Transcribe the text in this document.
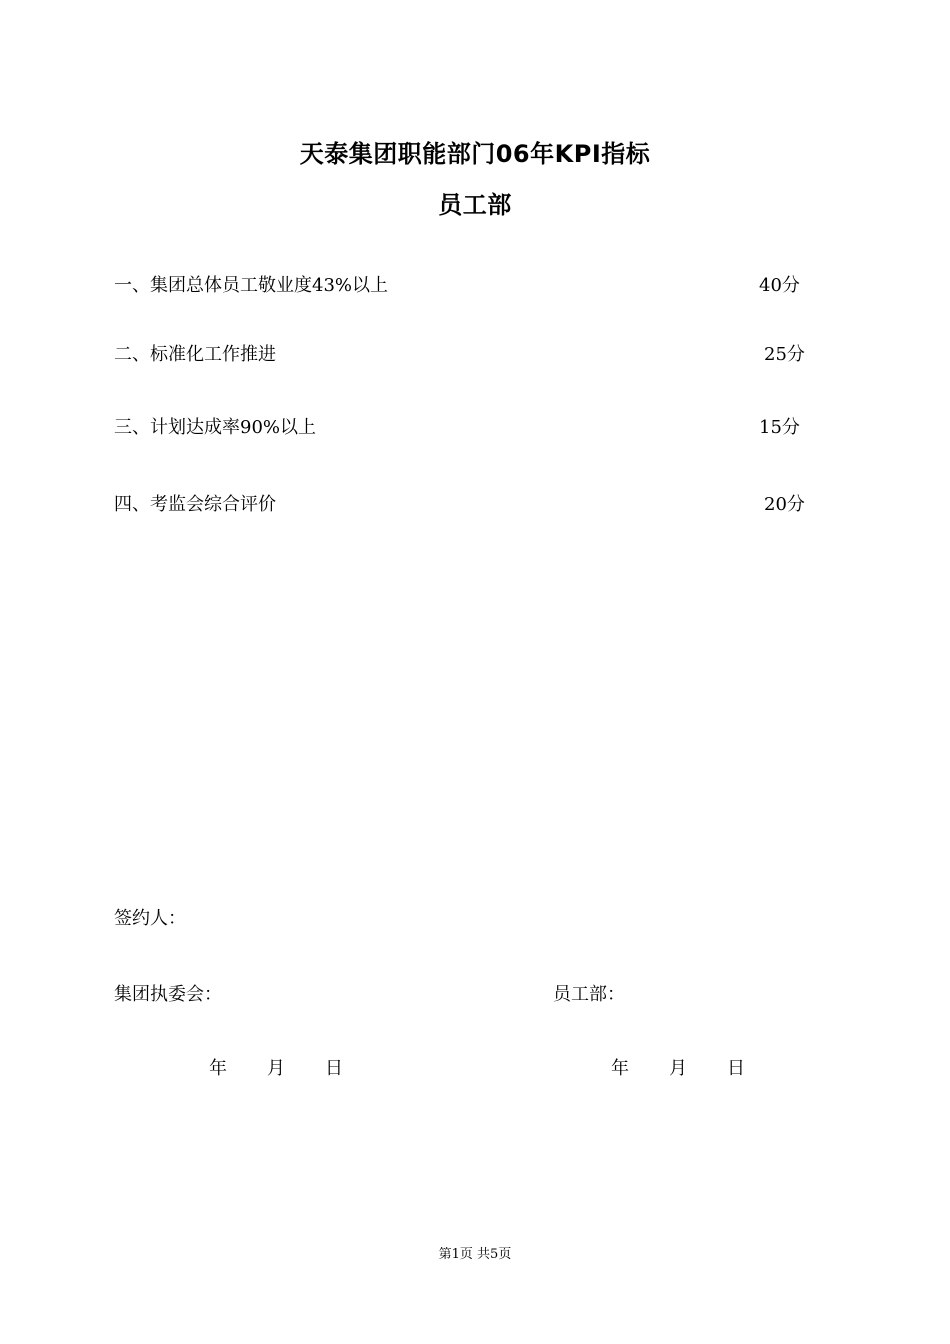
天泰集团职能部门06年KPI指标
员工部
一、集团总体员工敬业度43%以上	40分
二、标准化工作推进	25分
三、计划达成率90%以上	15分
四、考监会综合评价	20分
签约人：
集团执委会：	员工部：
年 月 日	年 月 日
第1页 共5页
